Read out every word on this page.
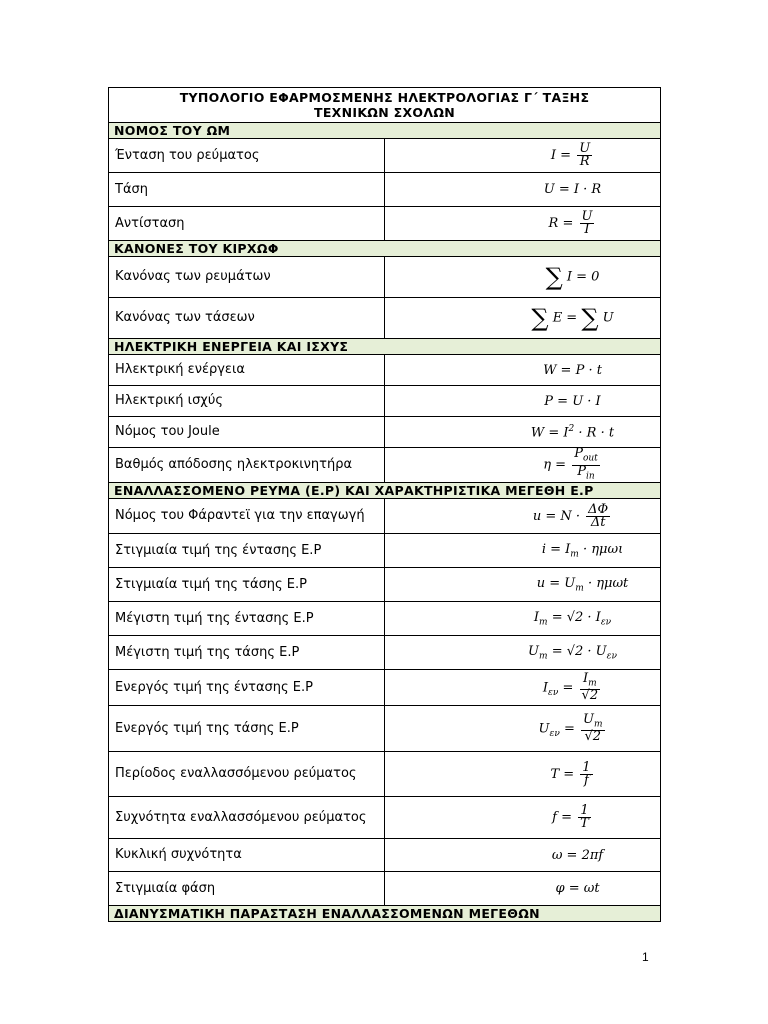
ΤΥΠΟΛΟΓΙΟ ΕΦΑΡΜΟΣΜΕΝΗΣ ΗΛΕΚΤΡΟΛΟΓΙΑΣ Γ΄ ΤΑΞΗΣ
ΤΕΧΝΙΚΩΝ ΣΧΟΛΩΝ	

ΝΟΜΟΣ ΤΟΥ ΩΜ	
Ένταση του ρεύματος	$I = \frac{U}{R}$

Τάση	U = I · R
Αντίσταση	$R = \frac{U}{I}$

ΚΑΝΟΝΕΣ ΤΟΥ ΚΙΡΧΩΦ	
Κανόνας των ρευμάτων	∑ I = 0
Κανόνας των τάσεων	∑ E = ∑ U
ΗΛΕΚΤΡΙΚΗ ΕΝΕΡΓΕΙΑ ΚΑΙ ΙΣΧΥΣ	
Ηλεκτρική ενέργεια	W = P · t
Ηλεκτρική ισχύς	P = U · I
Νόμος του Joule	$W = I^2 \cdot R \cdot t$
Βαθμός απόδοσης ηλεκτροκινητήρα	$\eta = \frac{P_{out}}{P_{in}}$

ΕΝΑΛΛΑΣΣΟΜΕΝΟ ΡΕΥΜΑ (Ε.Ρ) ΚΑΙ ΧΑΡΑΚΤΗΡΙΣΤΙΚΑ ΜΕΓΕΘΗ Ε.Ρ	
Νόμος του Φάραντεϊ για την επαγωγή	$u = N \cdot \frac{\Delta\Phi}{\Delta t}$

Στιγμιαία τιμή της έντασης Ε.Ρ	$i = I_m \cdot \eta\mu\omega\iota$
Στιγμιαία τιμή της τάσης Ε.Ρ	$u = U_m \cdot \eta\mu\omega t$
Μέγιστη τιμή της έντασης Ε.Ρ	$I_m = √2 \cdot I_{\varepsilon\nu}$
Μέγιστη τιμή της τάσης Ε.Ρ	$U_m = √2 \cdot U_{\varepsilon\nu}$
Ενεργός τιμή της έντασης Ε.Ρ	$I_{\varepsilon\nu} = \frac{I_m}{√2}$

Ενεργός τιμή της τάσης Ε.Ρ	$U_{\varepsilon\nu} = \frac{U_m}{√2}$

Περίοδος εναλλασσόμενου ρεύματος	$T = \frac{1}{f}$

Συχνότητα εναλλασσόμενου ρεύματος	$f = \frac{1}{T}$

Κυκλική συχνότητα	ω = 2πf
Στιγμιαία φάση	φ = ωt
ΔΙΑΝΥΣΜΑΤΙΚΗ ΠΑΡΑΣΤΑΣΗ ΕΝΑΛΛΑΣΣΟΜΕΝΩΝ ΜΕΓΕΘΩΝ	
1
